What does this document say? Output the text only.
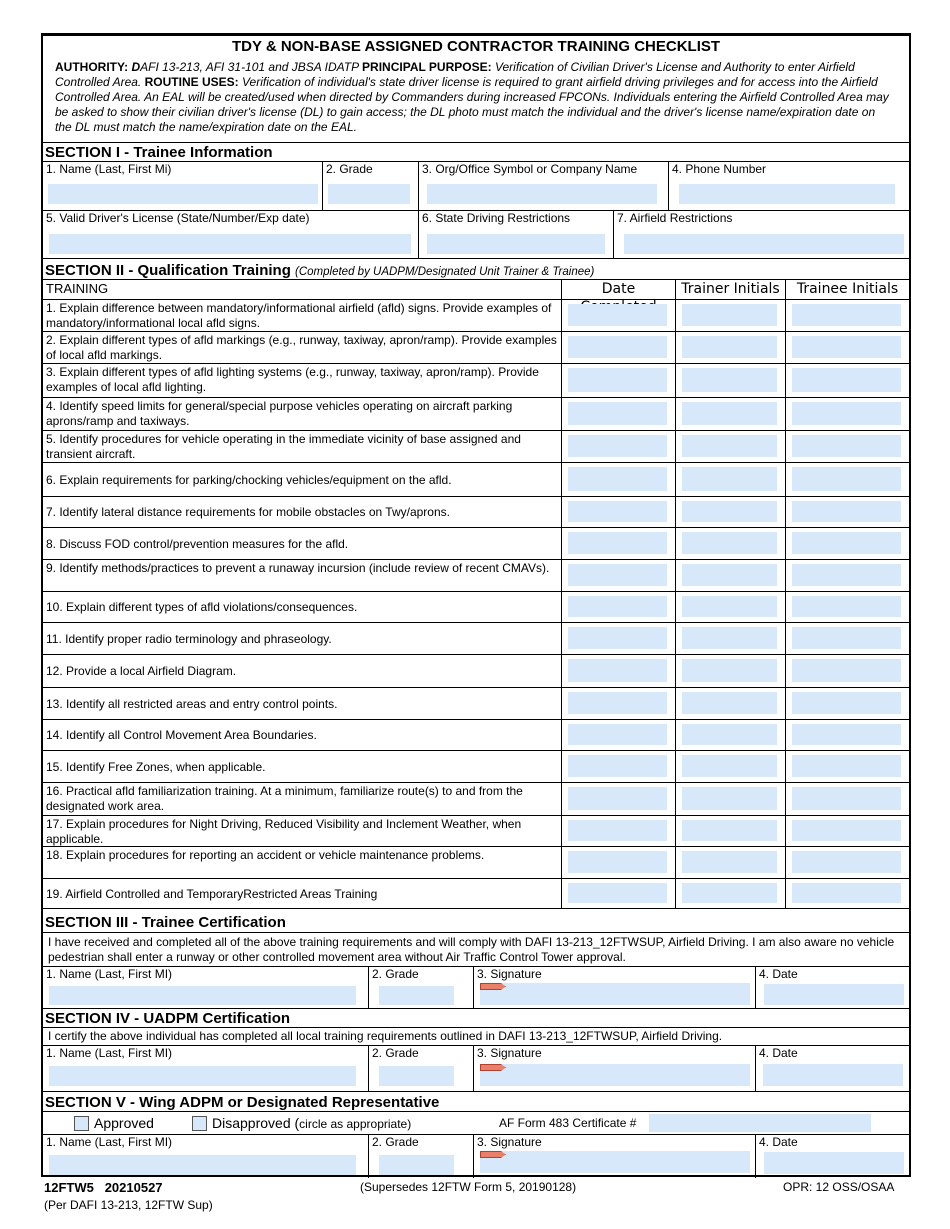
TDY & NON-BASE ASSIGNED CONTRACTOR TRAINING CHECKLIST
AUTHORITY: DAFI 13-213, AFI 31-101 and JBSA IDATP PRINCIPAL PURPOSE: Verification of Civilian Driver's License and Authority to enter Airfield Controlled Area. ROUTINE USES: Verification of individual's state driver license is required to grant airfield driving privileges and for access into the Airfield Controlled Area. An EAL will be created/used when directed by Commanders during increased FPCONs. Individuals entering the Airfield Controlled Area may be asked to show their civilian driver's license (DL) to gain access; the DL photo must match the individual and the driver's license name/expiration date on the DL must match the name/expiration date on the EAL.
SECTION I - Trainee Information
1. Name (Last, First Mi)	2. Grade	3. Org/Office Symbol or Company Name	4. Phone Number
5. Valid Driver's License (State/Number/Exp date)	6. State Driving Restrictions	7. Airfield Restrictions
SECTION II - Qualification Training (Completed by UADPM/Designated Unit Trainer & Trainee)
TRAINING	Date	Trainer Initials	Trainee Initials
1. Explain difference between mandatory/informational airfield (afld) signs. Provide examples of mandatory/informational local afld signs.
2. Explain different types of afld markings (e.g., runway, taxiway, apron/ramp). Provide examples of local afld markings.
3. Explain different types of afld lighting systems (e.g., runway, taxiway, apron/ramp). Provide examples of local afld lighting.
4. Identify speed limits for general/special purpose vehicles operating on aircraft parking aprons/ramp and taxiways.
5. Identify procedures for vehicle operating in the immediate vicinity of base assigned and transient aircraft.
6. Explain requirements for parking/chocking vehicles/equipment on the afld.
7. Identify lateral distance requirements for mobile obstacles on Twy/aprons.
8. Discuss FOD control/prevention measures for the afld.
9. Identify methods/practices to prevent a runaway incursion (include review of recent CMAVs).
10. Explain different types of afld violations/consequences.
11. Identify proper radio terminology and phraseology.
12. Provide a local Airfield Diagram.
13. Identify all restricted areas and entry control points.
14. Identify all Control Movement Area Boundaries.
15. Identify Free Zones, when applicable.
16. Practical afld familiarization training. At a minimum, familiarize route(s) to and from the designated work area.
17. Explain procedures for Night Driving, Reduced Visibility and Inclement Weather, when applicable.
18. Explain procedures for reporting an accident or vehicle maintenance problems.
19. Airfield Controlled and TemporaryRestricted Areas Training
SECTION III - Trainee Certification
I have received and completed all of the above training requirements and will comply with DAFI 13-213_12FTWSUP, Airfield Driving. I am also aware no vehicle pedestrian shall enter a runway or other controlled movement area without Air Traffic Control Tower approval.
1. Name (Last, First MI)	2. Grade	3. Signature	4. Date
SECTION IV - UADPM Certification
I certify the above individual has completed all local training requirements outlined in DAFI 13-213_12FTWSUP, Airfield Driving.
1. Name (Last, First MI)	2. Grade	3. Signature	4. Date
SECTION V - Wing ADPM or Designated Representative
Approved	Disapproved (circle as appropriate)	AF Form 483 Certificate #
1. Name (Last, First MI)	2. Grade	3. Signature	4. Date
12FTW5 20210527	(Supersedes 12FTW Form 5, 20190128)	OPR: 12 OSS/OSAA
(Per DAFI 13-213, 12FTW Sup)
